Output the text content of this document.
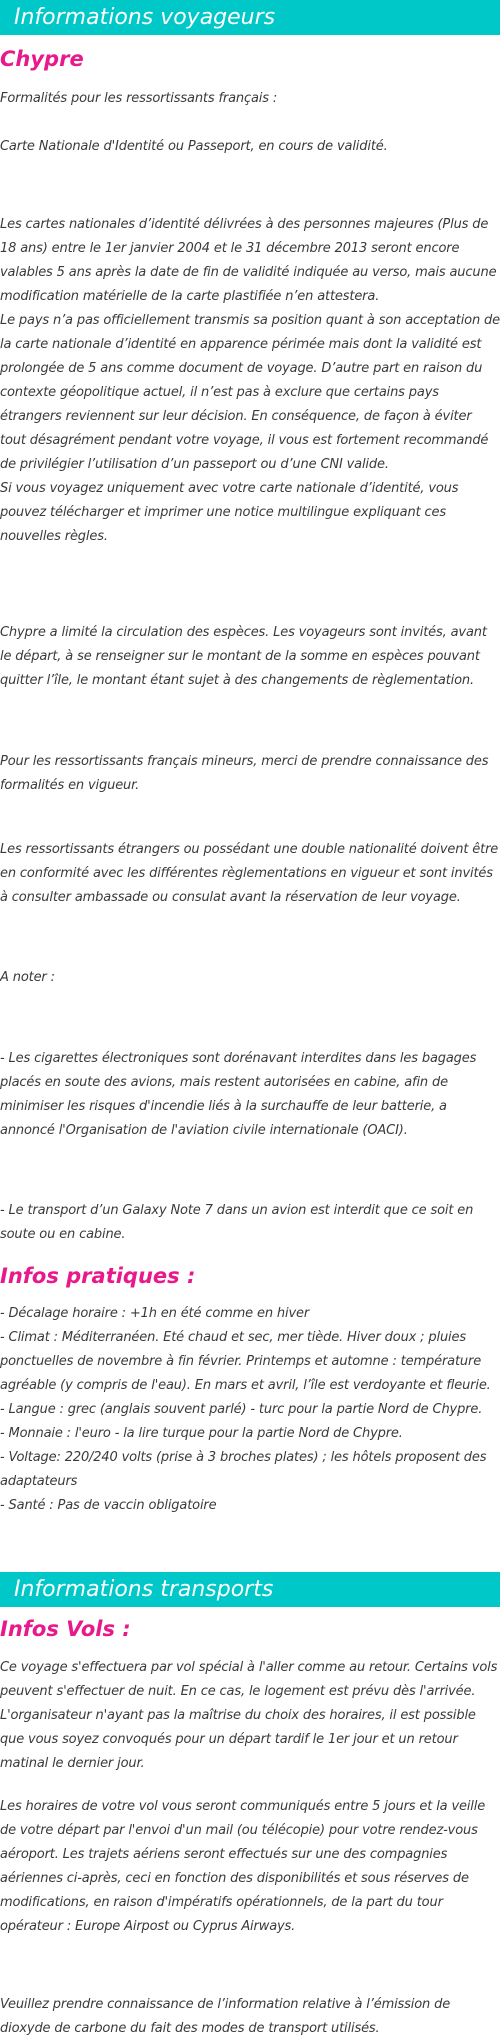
Informations voyageurs
Chypre

Formalités pour les ressortissants français :

Carte Nationale d'Identité ou Passeport, en cours de validité.

Les cartes nationales d’identité délivrées à des personnes majeures (Plus de 18 ans) entre le 1er janvier 2004 et le 31 décembre 2013 seront encore valables 5 ans après la date de fin de validité indiquée au verso, mais aucune modification matérielle de la carte plastifiée n’en attestera.

Le pays n’a pas officiellement transmis sa position quant à son acceptation de la carte nationale d’identité en apparence périmée mais dont la validité est prolongée de 5 ans comme document de voyage. D’autre part en raison du contexte géopolitique actuel, il n’est pas à exclure que certains pays étrangers reviennent sur leur décision. En conséquence, de façon à éviter tout désagrément pendant votre voyage, il vous est fortement recommandé de privilégier l’utilisation d’un passeport ou d’une CNI valide.

Si vous voyagez uniquement avec votre carte nationale d’identité, vous pouvez télécharger et imprimer une notice multilingue expliquant ces nouvelles règles.

Chypre a limité la circulation des espèces. Les voyageurs sont invités, avant le départ, à se renseigner sur le montant de la somme en espèces pouvant quitter l’île, le montant étant sujet à des changements de règlementation.

Pour les ressortissants français mineurs, merci de prendre connaissance des formalités en vigueur.

Les ressortissants étrangers ou possédant une double nationalité doivent être en conformité avec les différentes règlementations en vigueur et sont invités à consulter ambassade ou consulat avant la réservation de leur voyage.

A noter :

- Les cigarettes électroniques sont dorénavant interdites dans les bagages placés en soute des avions, mais restent autorisées en cabine, afin de minimiser les risques d'incendie liés à la surchauffe de leur batterie, a annoncé l'Organisation de l'aviation civile internationale (OACI).

- Le transport d’un Galaxy Note 7 dans un avion est interdit que ce soit en soute ou en cabine.

Infos pratiques :
- Décalage horaire : +1h en été comme en hiver
- Climat : Méditerranéen. Eté chaud et sec, mer tiède. Hiver doux ; pluies ponctuelles de novembre à fin février. Printemps et automne : température agréable (y compris de l'eau). En mars et avril, l’île est verdoyante et fleurie.
- Langue : grec (anglais souvent parlé) - turc pour la partie Nord de Chypre.
- Monnaie : l'euro - la lire turque pour la partie Nord de Chypre.
- Voltage: 220/240 volts (prise à 3 broches plates) ; les hôtels proposent des adaptateurs
- Santé : Pas de vaccin obligatoire
Informations transports
Infos Vols :

Ce voyage s'effectuera par vol spécial à l'aller comme au retour. Certains vols peuvent s'effectuer de nuit. En ce cas, le logement est prévu dès l'arrivée. L'organisateur n'ayant pas la maîtrise du choix des horaires, il est possible que vous soyez convoqués pour un départ tardif le 1er jour et un retour matinal le dernier jour.

Les horaires de votre vol vous seront communiqués entre 5 jours et la veille de votre départ par l'envoi d'un mail (ou télécopie) pour votre rendez-vous aéroport. Les trajets aériens seront effectués sur une des compagnies aériennes ci-après, ceci en fonction des disponibilités et sous réserves de modifications, en raison d'impératifs opérationnels, de la part du tour opérateur : Europe Airpost ou Cyprus Airways.

Veuillez prendre connaissance de l’information relative à l’émission de dioxyde de carbone du fait des modes de transport utilisés.
